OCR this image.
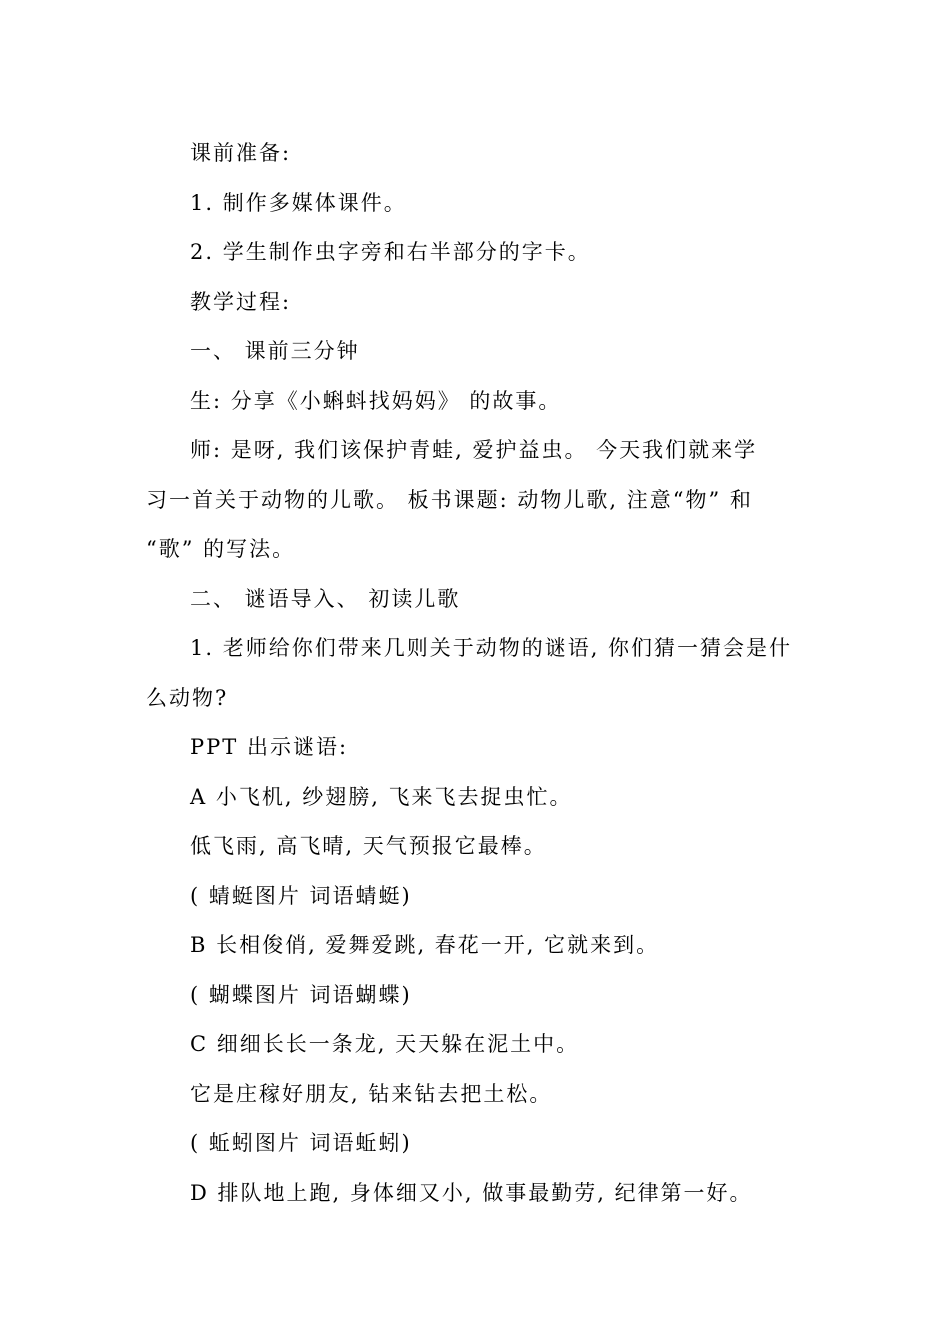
课前准备:
1. 制作多媒体课件。
2. 学生制作虫字旁和右半部分的字卡。
教学过程:
一、 课前三分钟
生: 分享《小蝌蚪找妈妈》 的故事。
师: 是呀, 我们该保护青蛙, 爱护益虫。 今天我们就来学
习一首关于动物的儿歌。 板书课题: 动物儿歌, 注意“物” 和
“歌” 的写法。
二、 谜语导入、 初读儿歌
1. 老师给你们带来几则关于动物的谜语, 你们猜一猜会是什
么动物?
PPT 出示谜语:
A 小飞机, 纱翅膀, 飞来飞去捉虫忙。
低飞雨, 高飞晴, 天气预报它最棒。
( 蜻蜓图片 词语蜻蜓)
B 长相俊俏, 爱舞爱跳, 春花一开, 它就来到。
( 蝴蝶图片 词语蝴蝶)
C 细细长长一条龙, 天天躲在泥土中。
它是庄稼好朋友, 钻来钻去把土松。
( 蚯蚓图片 词语蚯蚓)
D 排队地上跑, 身体细又小, 做事最勤劳, 纪律第一好。
